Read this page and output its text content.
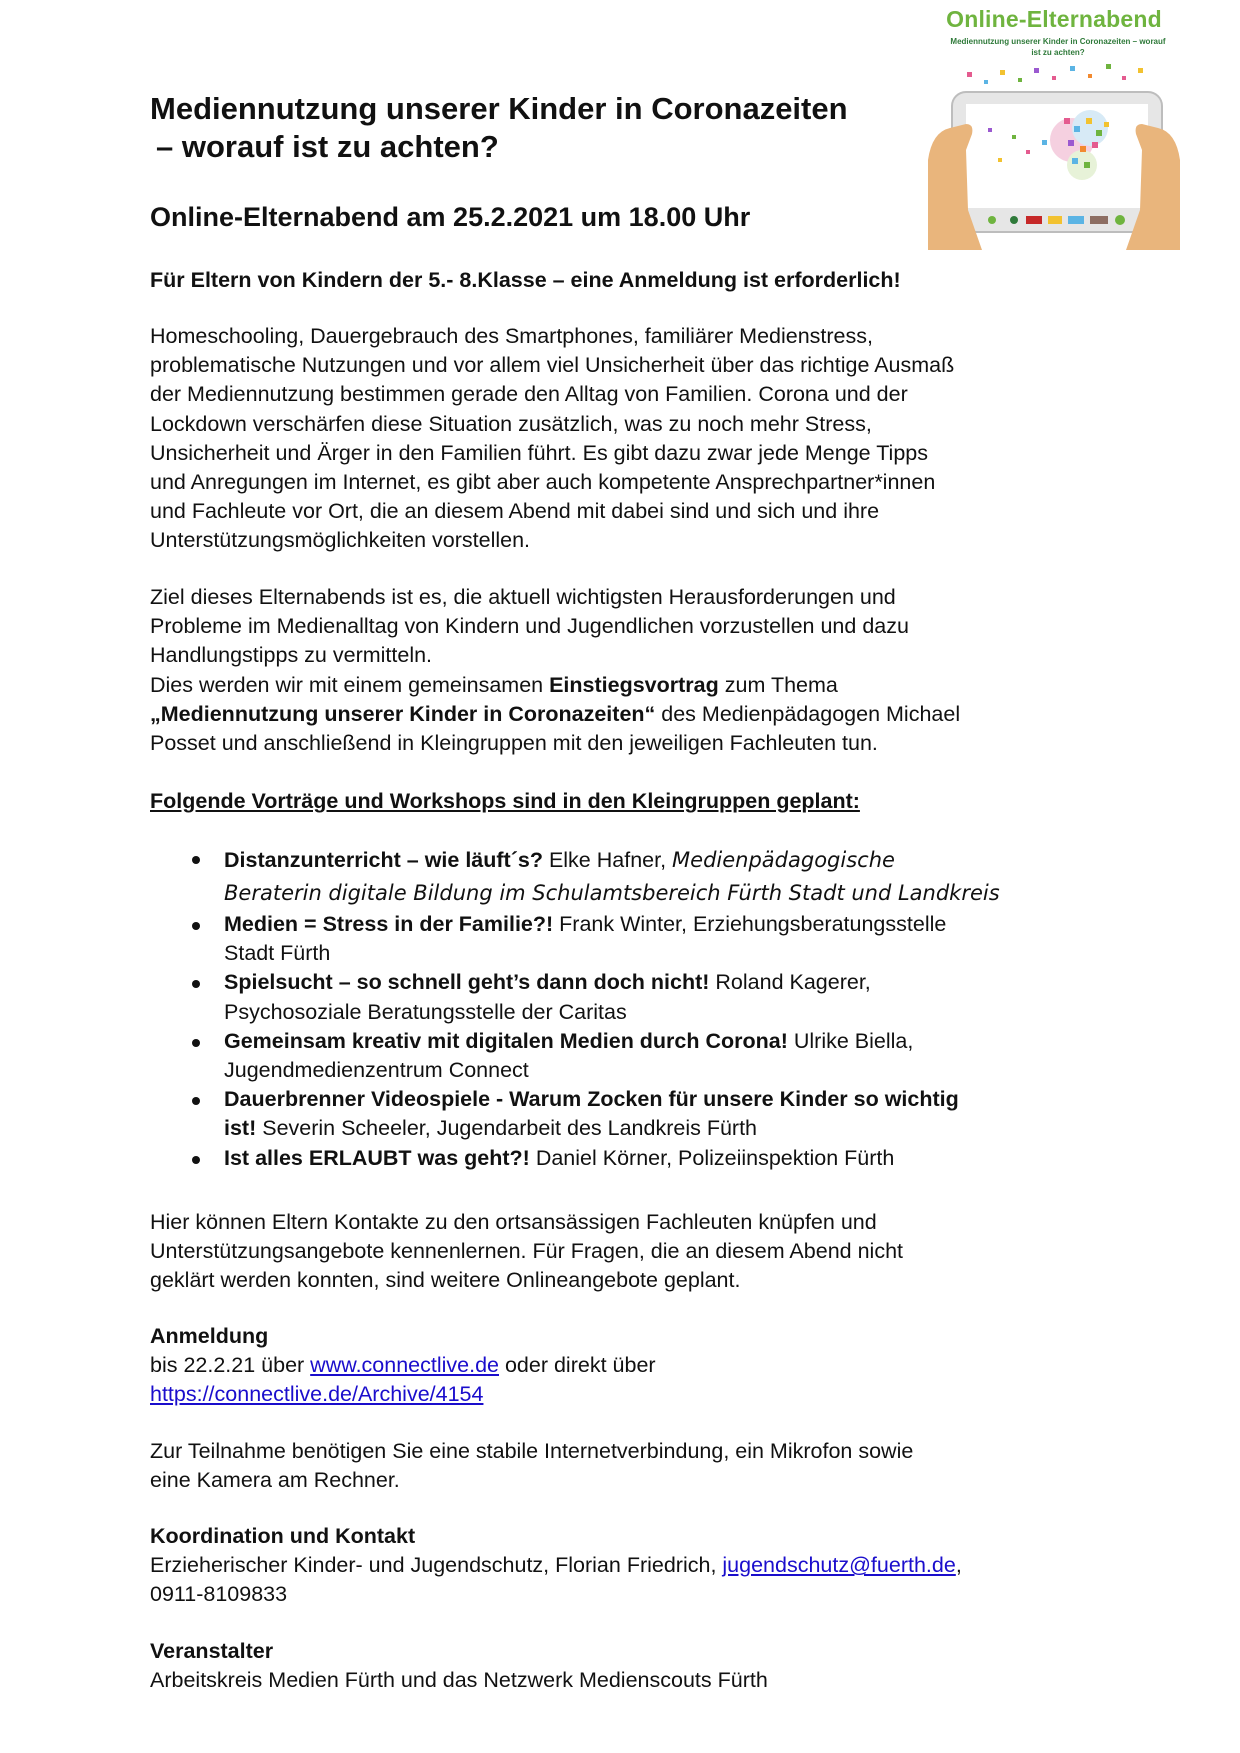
Online-Elternabend
Mediennutzung unserer Kinder in Coronazeiten – worauf ist zu achten?
Mediennutzung unserer Kinder in Coronazeiten
– worauf ist zu achten?
Online-Elternabend am 25.2.2021 um 18.00 Uhr

Für Eltern von Kindern der 5.- 8.Klasse – eine Anmeldung ist erforderlich!

Homeschooling, Dauergebrauch des Smartphones, familiärer Medienstress,
problematische Nutzungen und vor allem viel Unsicherheit über das richtige Ausmaß
der Mediennutzung bestimmen gerade den Alltag von Familien. Corona und der
Lockdown verschärfen diese Situation zusätzlich, was zu noch mehr Stress,
Unsicherheit und Ärger in den Familien führt. Es gibt dazu zwar jede Menge Tipps
und Anregungen im Internet, es gibt aber auch kompetente Ansprechpartner*innen
und Fachleute vor Ort, die an diesem Abend mit dabei sind und sich und ihre
Unterstützungsmöglichkeiten vorstellen.
Ziel dieses Elternabends ist es, die aktuell wichtigsten Herausforderungen und
Probleme im Medienalltag von Kindern und Jugendlichen vorzustellen und dazu
Handlungstipps zu vermitteln.
Dies werden wir mit einem gemeinsamen Einstiegsvortrag zum Thema
„Mediennutzung unserer Kinder in Coronazeiten“ des Medienpädagogen Michael
Posset und anschließend in Kleingruppen mit den jeweiligen Fachleuten tun.

Folgende Vorträge und Workshops sind in den Kleingruppen geplant:

Distanzunterricht – wie läuft´s? Elke Hafner, Medienpädagogische
Beraterin digitale Bildung im Schulamtsbereich Fürth Stadt und Landkreis
Medien = Stress in der Familie?! Frank Winter, Erziehungsberatungsstelle
Stadt Fürth
Spielsucht – so schnell geht’s dann doch nicht! Roland Kagerer,
Psychosoziale Beratungsstelle der Caritas
Gemeinsam kreativ mit digitalen Medien durch Corona! Ulrike Biella,
Jugendmedienzentrum Connect
Dauerbrenner Videospiele - Warum Zocken für unsere Kinder so wichtig
ist! Severin Scheeler, Jugendarbeit des Landkreis Fürth
Ist alles ERLAUBT was geht?! Daniel Körner, Polizeiinspektion Fürth
Hier können Eltern Kontakte zu den ortsansässigen Fachleuten knüpfen und
Unterstützungsangebote kennenlernen. Für Fragen, die an diesem Abend nicht
geklärt werden konnten, sind weitere Onlineangebote geplant.
Anmeldung
bis 22.2.21 über www.connectlive.de oder direkt über
https://connectlive.de/Archive/4154
Zur Teilnahme benötigen Sie eine stabile Internetverbindung, ein Mikrofon sowie
eine Kamera am Rechner.
Koordination und Kontakt
Erzieherischer Kinder- und Jugendschutz, Florian Friedrich, jugendschutz@fuerth.de,
0911-8109833
Veranstalter
Arbeitskreis Medien Fürth und das Netzwerk Medienscouts Fürth
